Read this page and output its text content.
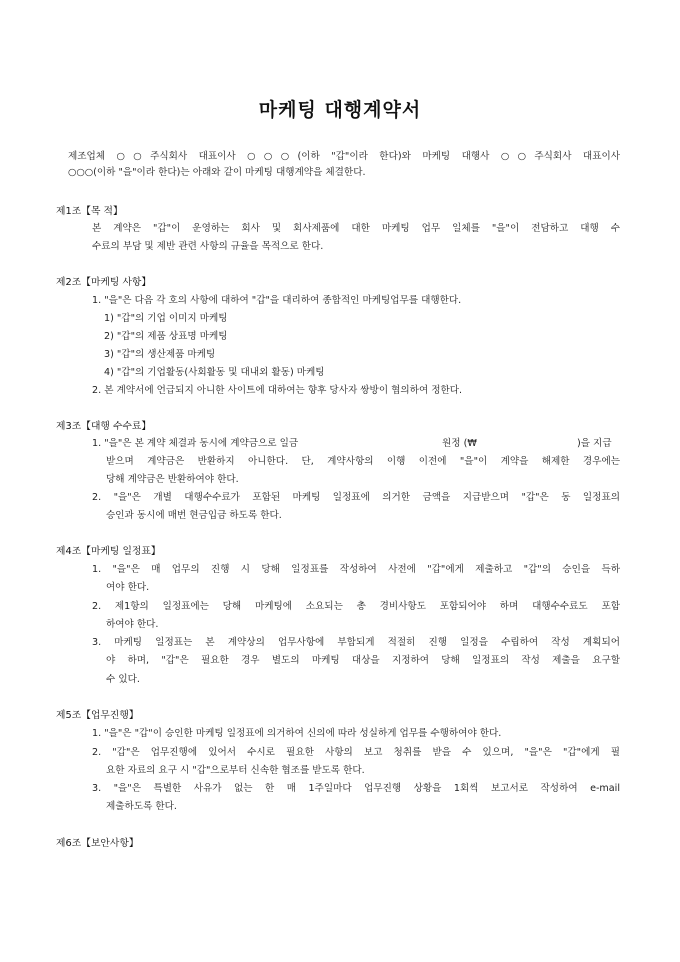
마케팅 대행계약서
제조업체 ○○주식회사 대표이사 ○○○(이하 "갑"이라 한다)와 마케팅 대행사 ○○주식회사 대표이사
○○○(이하 "을"이라 한다)는 아래와 같이 마케팅 대행계약을 체결한다.
제1조【목 적】
본 계약은 "갑"이 운영하는 회사 및 회사제품에 대한 마케팅 업무 일체를 "을"이 전담하고 대행 수
수료의 부담 및 제반 관련 사항의 규율을 목적으로 한다.
제2조【마케팅 사항】
1. "을"은 다음 각 호의 사항에 대하여 "갑"을 대리하여 종합적인 마케팅업무를 대행한다.
1) "갑"의 기업 이미지 마케팅
2) "갑"의 제품 상표명 마케팅
3) "갑"의 생산제품 마케팅
4) "갑"의 기업활동(사회활동 및 대내외 활동) 마케팅
2. 본 계약서에 언급되지 아니한 사이트에 대하여는 향후 당사자 쌍방이 협의하여 정한다.
제3조【대행 수수료】
1. "을"은 본 계약 체결과 동시에 계약금으로 일금	원정 (₩	)을 지급
받으며 계약금은 반환하지 아니한다. 단, 계약사항의 이행 이전에 "을"이 계약을 해제한 경우에는
당해 계약금은 반환하여야 한다.
2. "을"은 개별 대행수수료가 포함된 마케팅 일정표에 의거한 금액을 지급받으며 "갑"은 동 일정표의
승인과 동시에 매번 현금입금 하도록 한다.
제4조【마케팅 일정표】
1. "을"은 매 업무의 진행 시 당해 일정표를 작성하여 사전에 "갑"에게 제출하고 "갑"의 승인을 득하
여야 한다.
2. 제1항의 일정표에는 당해 마케팅에 소요되는 총 경비사항도 포함되어야 하며 대행수수료도 포함
하여야 한다.
3. 마케팅 일정표는 본 계약상의 업무사항에 부합되게 적절히 진행 일정을 수립하여 작성 계획되어
야 하며, "갑"은 필요한 경우 별도의 마케팅 대상을 지정하여 당해 일정표의 작성 제출을 요구할
수 있다.
제5조【업무진행】
1. "을"은 "갑"이 승인한 마케팅 일정표에 의거하여 신의에 따라 성실하게 업무를 수행하여야 한다.
2. "갑"은 업무진행에 있어서 수시로 필요한 사항의 보고 청취를 받을 수 있으며, "을"은 "갑"에게 필
요한 자료의 요구 시 "갑"으로부터 신속한 협조를 받도록 한다.
3. "을"은 특별한 사유가 없는 한 매 1주일마다 업무진행 상황을 1회씩 보고서로 작성하여 e-mail
제출하도록 한다.
제6조【보안사항】
